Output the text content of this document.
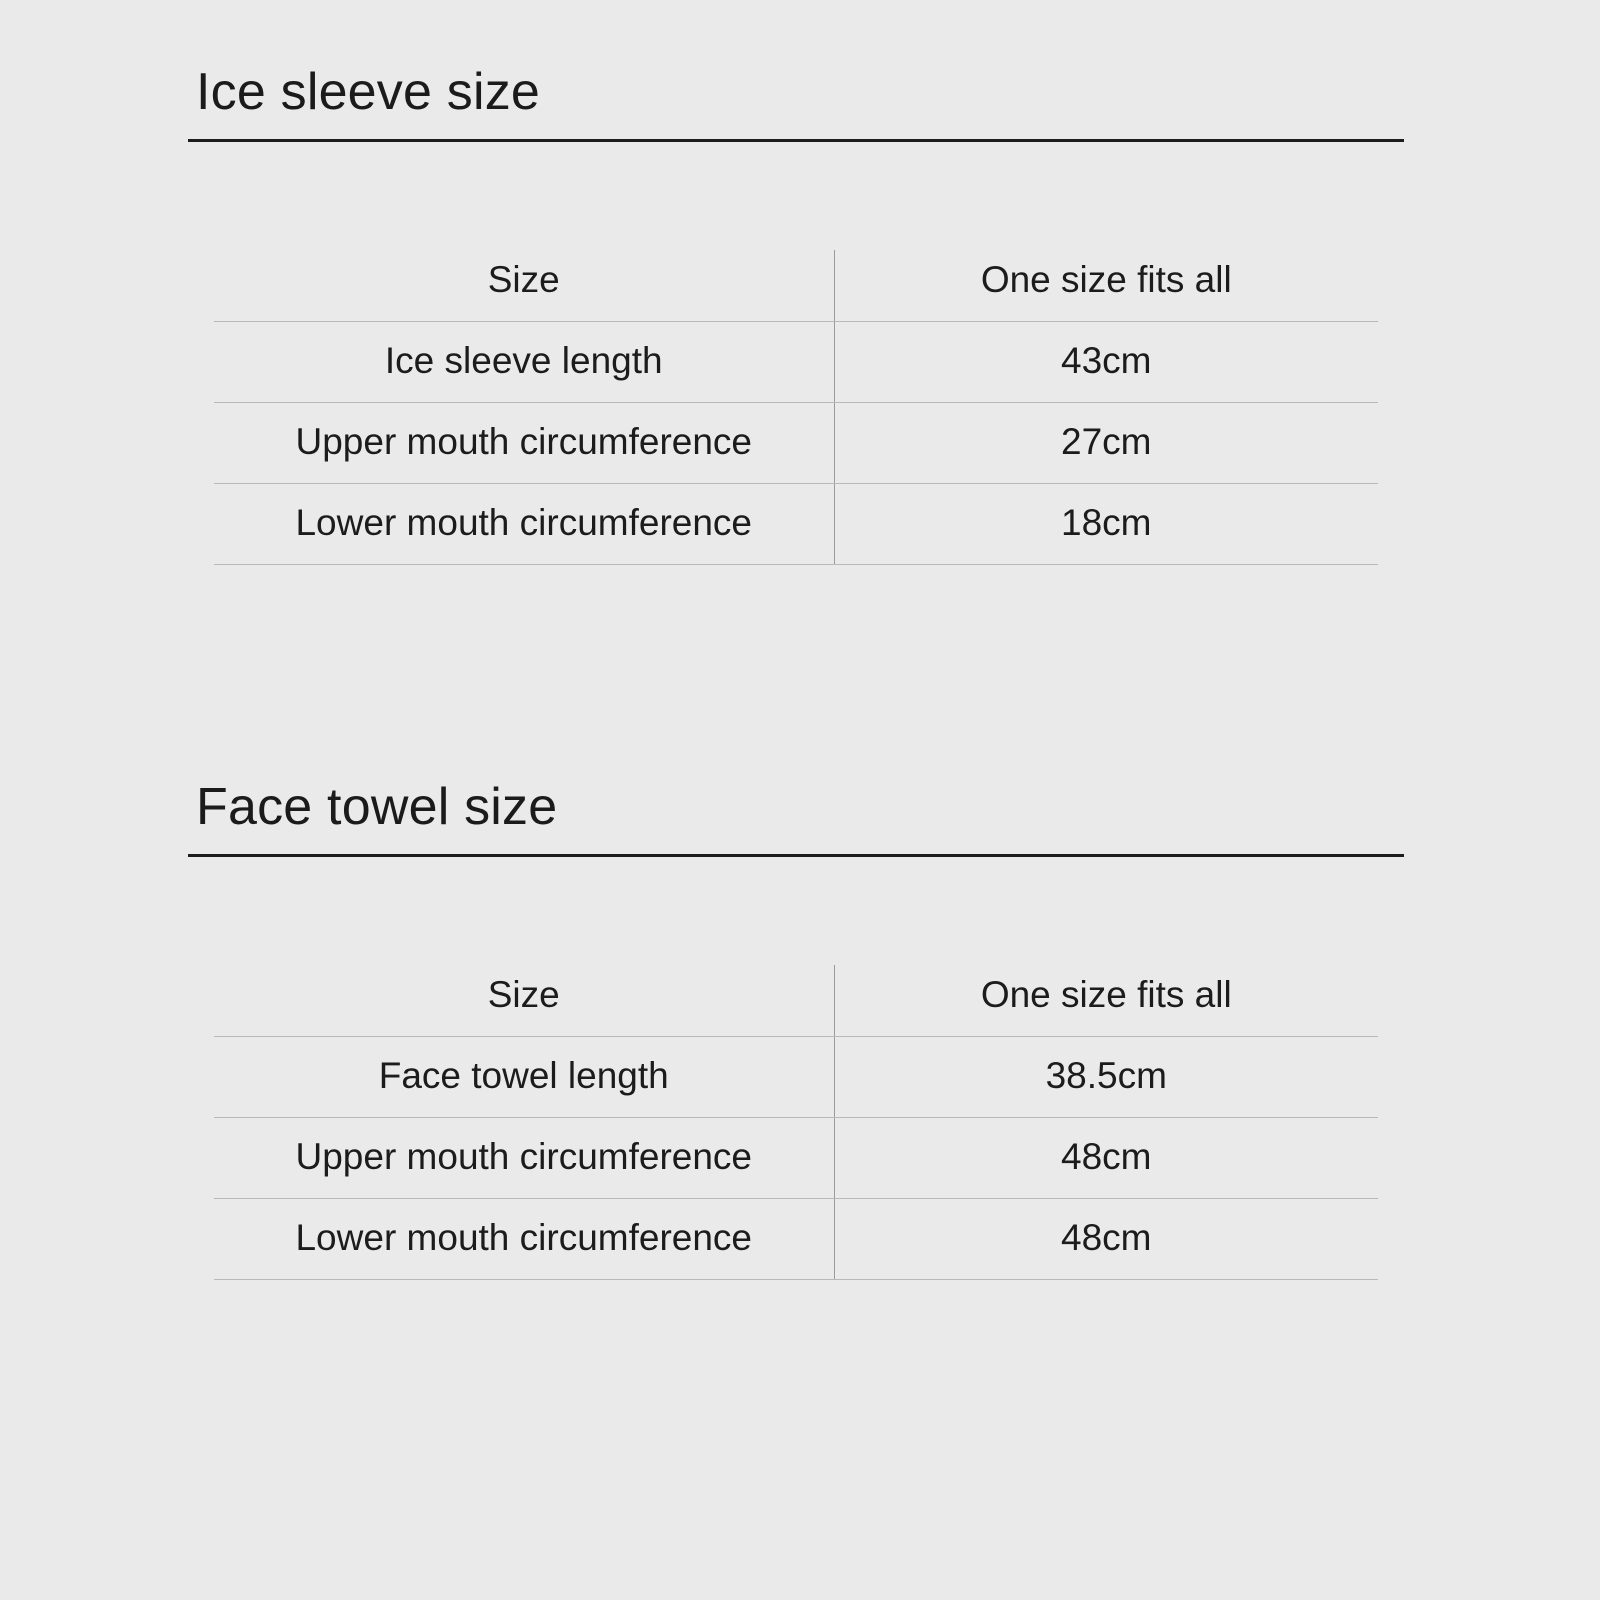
Ice sleeve size
Size	One size fits all
Ice sleeve length	43cm
Upper mouth circumference	27cm
Lower mouth circumference	18cm
Face towel size
Size	One size fits all
Face towel length	38.5cm
Upper mouth circumference	48cm
Lower mouth circumference	48cm
